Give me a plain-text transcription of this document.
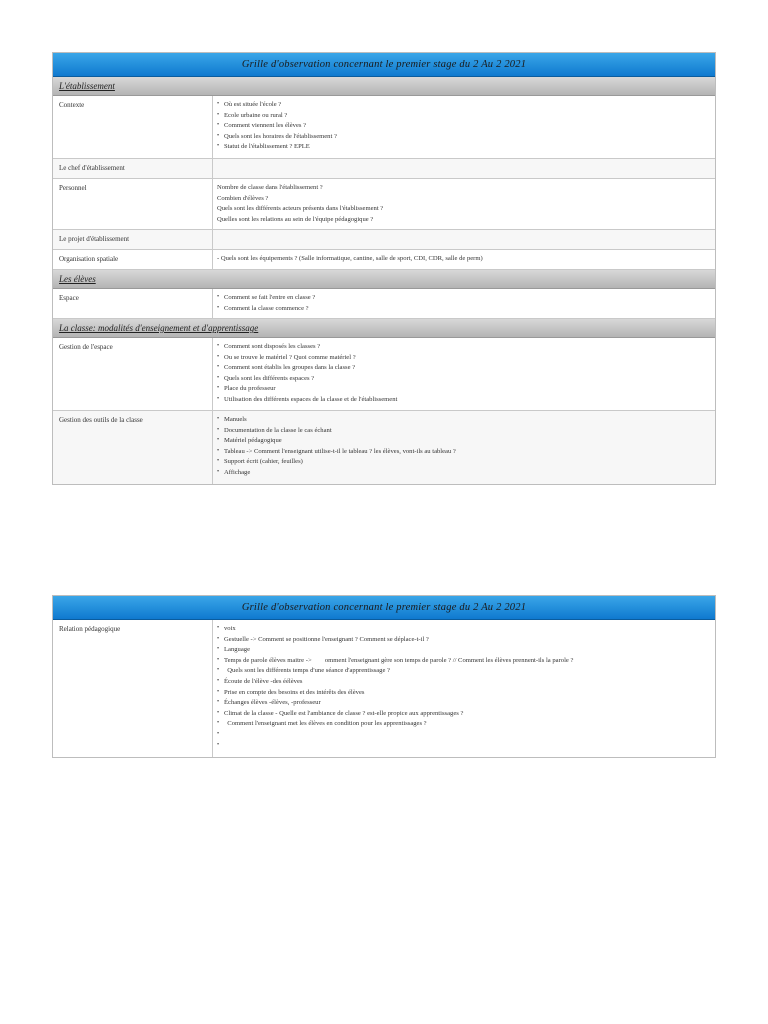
Grille d'observation concernant le premier stage du 2 Au 2 2021
L'établissement
Contexte	• Où est située l'école ?
• Ecole urbaine ou rural ?
• Comment viennent les élèves ?
• Quels sont les horaires de l'établissement ?
• Statut de l'établissement ? EPLE
Le chef d'établissement
Personnel	Nombre de classe dans l'établissement ?
Combien d'élèves ?
Quels sont les différents acteurs présents dans l'établissement ?
Quelles sont les relations au sein de l'équipe pédagogique ?
Le projet d'établissement
Organisation spatiale	- Quels sont les équipements ? (Salle informatique, cantine, salle de sport, CDI, CDR, salle de perm)
Les élèves
Espace	• Comment se fait l'entre en classe ?
• Comment la classe commence ?
La classe: modalités d'enseignement et d'apprentissage
Gestion de l'espace	• Comment sont disposés les classes ?
• Ou se trouve le matériel ? Quoi comme matériel ?
• Comment sont établis les groupes dans la classe ?
• Quels sont les différents espaces ?
• Place du professeur
• Utilisation des différents espaces de la classe et de l'établissement
Gestion des outils de la classe	• Manuels
• Documentation de la classe le cas échant
• Matériel pédagogique
• Tableau -> Comment l'enseignant utilise-t-il le tableau ? les élèves, vont-ils au tableau ?
• Support écrit (cahier, feuilles)
• Affichage
Grille d'observation concernant le premier stage du 2 Au 2 2021
Relation pédagogique	• voix
• Gestuelle -> Comment se positionne l'enseignant ? Comment se déplace-t-il ?
• Language
• Temps de parole élèves maitre ->        omment l'enseignant gère son temps de parole ? // Comment les élèves prennent-ils la parole ?
•   Quels sont les différents temps d'une séance d'apprentissage ?
• Écoute de l'élève -des éélèves
• Prise en compte des besoins et des intérêts des élèves
• Échanges élèves -élèves, -professeur
• Climat de la classe - Quelle est l'ambiance de classe ? est-elle propice aux apprentissages ?
•   Comment l'enseignant met les élèves en condition pour les apprentissages ?
•
•
